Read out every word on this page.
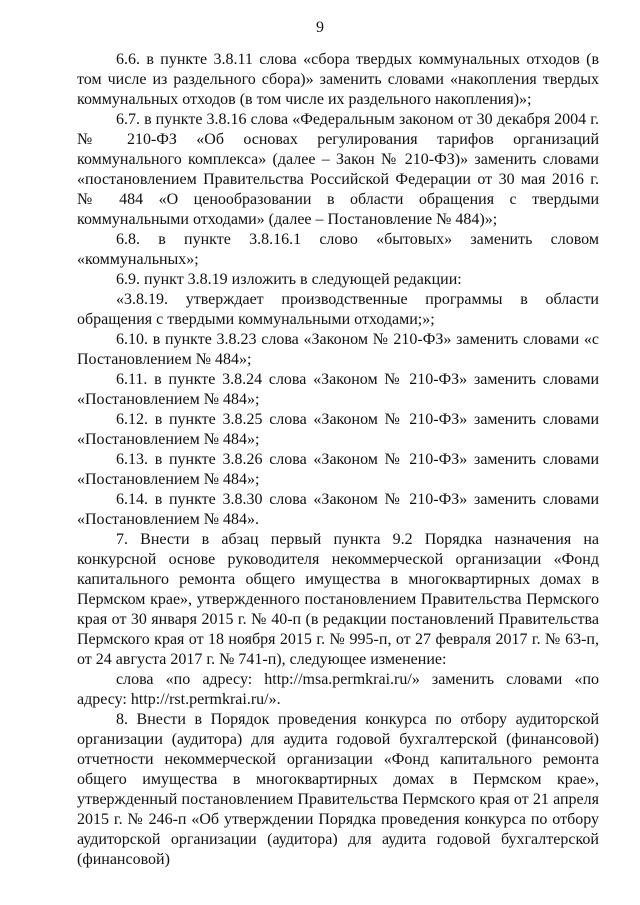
9

6.6. в пункте 3.8.11 слова «сбора твердых коммунальных отходов (в том числе из раздельного сбора)» заменить словами «накопления твердых коммунальных отходов (в том числе их раздельного накопления)»;

6.7. в пункте 3.8.16 слова «Федеральным законом от 30 декабря 2004 г. № 210-ФЗ «Об основах регулирования тарифов организаций коммунального комплекса» (далее – Закон № 210-ФЗ)» заменить словами «постановлением Правительства Российской Федерации от 30 мая 2016 г. № 484 «О ценообразовании в области обращения с твердыми коммунальными отходами» (далее – Постановление № 484)»;

6.8. в пункте 3.8.16.1 слово «бытовых» заменить словом «коммунальных»;

6.9. пункт 3.8.19 изложить в следующей редакции:

«3.8.19. утверждает производственные программы в области обращения с твердыми коммунальными отходами;»;

6.10. в пункте 3.8.23 слова «Законом № 210-ФЗ» заменить словами «с Постановлением № 484»;

6.11. в пункте 3.8.24 слова «Законом № 210-ФЗ» заменить словами «Постановлением № 484»;

6.12. в пункте 3.8.25 слова «Законом № 210-ФЗ» заменить словами «Постановлением № 484»;

6.13. в пункте 3.8.26 слова «Законом № 210-ФЗ» заменить словами «Постановлением № 484»;

6.14. в пункте 3.8.30 слова «Законом № 210-ФЗ» заменить словами «Постановлением № 484».

7. Внести в абзац первый пункта 9.2 Порядка назначения на конкурсной основе руководителя некоммерческой организации «Фонд капитального ремонта общего имущества в многоквартирных домах в Пермском крае», утвержденного постановлением Правительства Пермского края от 30 января 2015 г. № 40-п (в редакции постановлений Правительства Пермского края от 18 ноября 2015 г. № 995-п, от 27 февраля 2017 г. № 63-п, от 24 августа 2017 г. № 741-п), следующее изменение:

слова «по адресу: http://msa.permkrai.ru/» заменить словами «по адресу: http://rst.permkrai.ru/».

8. Внести в Порядок проведения конкурса по отбору аудиторской организации (аудитора) для аудита годовой бухгалтерской (финансовой) отчетности некоммерческой организации «Фонд капитального ремонта общего имущества в многоквартирных домах в Пермском крае», утвержденный постановлением Правительства Пермского края от 21 апреля 2015 г. № 246-п «Об утверждении Порядка проведения конкурса по отбору аудиторской организации (аудитора) для аудита годовой бухгалтерской (финансовой)
